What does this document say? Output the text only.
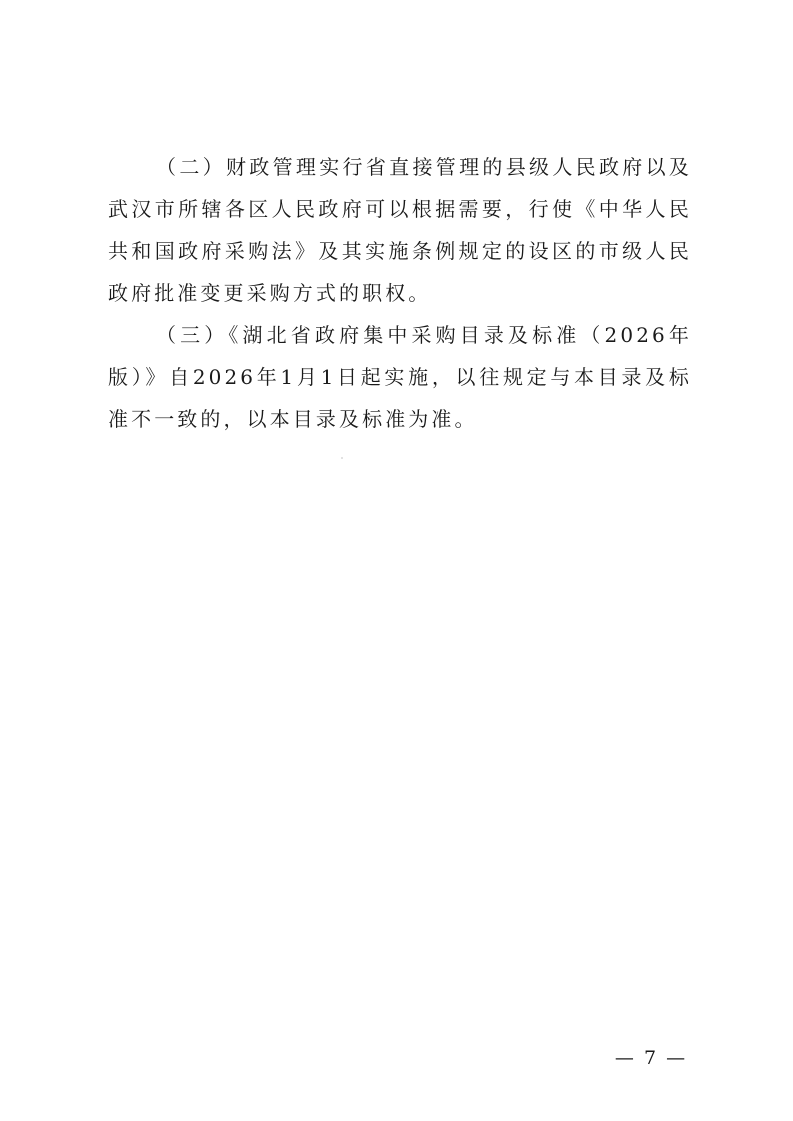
（二）财政管理实行省直接管理的县级人民政府以及武汉市所辖各区人民政府可以根据需要，行使《中华人民共和国政府采购法》及其实施条例规定的设区的市级人民政府批准变更采购方式的职权。

（三）《湖北省政府集中采购目录及标准（2026年版）》自2026年1月1日起实施，以往规定与本目录及标准不一致的，以本目录及标准为准。

— 7 —
